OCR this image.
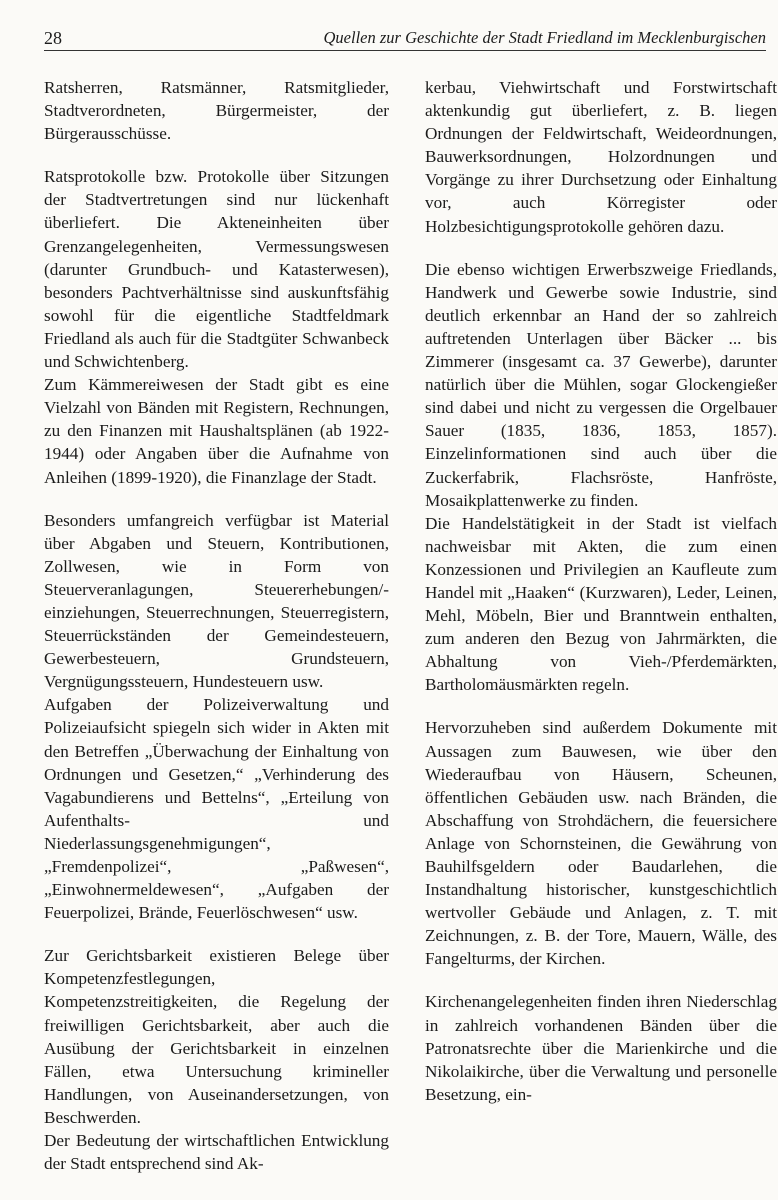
28	Quellen zur Geschichte der Stadt Friedland im Mecklenburgischen

Ratsherren, Ratsmänner, Ratsmitglieder, Stadtverordneten, Bürgermeister, der Bürgerausschüsse.

Ratsprotokolle bzw. Protokolle über Sitzungen der Stadtvertretungen sind nur lückenhaft überliefert. Die Akteneinheiten über Grenzangelegenheiten, Vermessungswesen (darunter Grundbuch- und Katasterwesen), besonders Pachtverhältnisse sind auskunftsfähig sowohl für die eigentliche Stadtfeldmark Friedland als auch für die Stadtgüter Schwanbeck und Schwichtenberg.

Zum Kämmereiwesen der Stadt gibt es eine Vielzahl von Bänden mit Registern, Rechnungen, zu den Finanzen mit Haushaltsplänen (ab 1922-1944) oder Angaben über die Aufnahme von Anleihen (1899-1920), die Finanzlage der Stadt.

Besonders umfangreich verfügbar ist Material über Abgaben und Steuern, Kontributionen, Zollwesen, wie in Form von Steuerveranlagungen, Steuererhebungen/-einziehungen, Steuerrechnungen, Steuerregistern, Steuerrückständen der Gemeindesteuern, Gewerbesteuern, Grundsteuern, Vergnügungssteuern, Hundesteuern usw.

Aufgaben der Polizeiverwaltung und Polizeiaufsicht spiegeln sich wider in Akten mit den Betreffen „Überwachung der Einhaltung von Ordnungen und Gesetzen,“ „Verhinderung des Vagabundierens und Bettelns“, „Erteilung von Aufenthalts- und Niederlassungsgenehmigungen“, „Fremdenpolizei“, „Paßwesen“, „Einwohnermeldewesen“, „Aufgaben der Feuerpolizei, Brände, Feuerlöschwesen“ usw.

Zur Gerichtsbarkeit existieren Belege über Kompetenzfestlegungen, Kompetenzstreitigkeiten, die Regelung der freiwilligen Gerichtsbarkeit, aber auch die Ausübung der Gerichtsbarkeit in einzelnen Fällen, etwa Untersuchung krimineller Handlungen, von Auseinandersetzungen, von Beschwerden.

Der Bedeutung der wirtschaftlichen Entwicklung der Stadt entsprechend sind Ak-

kerbau, Viehwirtschaft und Forstwirtschaft aktenkundig gut überliefert, z. B. liegen Ordnungen der Feldwirtschaft, Weideordnungen, Bauwerksordnungen, Holzordnungen und Vorgänge zu ihrer Durchsetzung oder Einhaltung vor, auch Körregister oder Holzbesichtigungsprotokolle gehören dazu.

Die ebenso wichtigen Erwerbszweige Friedlands, Handwerk und Gewerbe sowie Industrie, sind deutlich erkennbar an Hand der so zahlreich auftretenden Unterlagen über Bäcker ... bis Zimmerer (insgesamt ca. 37 Gewerbe), darunter natürlich über die Mühlen, sogar Glockengießer sind dabei und nicht zu vergessen die Orgelbauer Sauer (1835, 1836, 1853, 1857). Einzelinformationen sind auch über die Zuckerfabrik, Flachsröste, Hanfröste, Mosaikplattenwerke zu finden.

Die Handelstätigkeit in der Stadt ist vielfach nachweisbar mit Akten, die zum einen Konzessionen und Privilegien an Kaufleute zum Handel mit „Haaken“ (Kurzwaren), Leder, Leinen, Mehl, Möbeln, Bier und Branntwein enthalten, zum anderen den Bezug von Jahrmärkten, die Abhaltung von Vieh-/Pferdemärkten, Bartholomäusmärkten regeln.

Hervorzuheben sind außerdem Dokumente mit Aussagen zum Bauwesen, wie über den Wiederaufbau von Häusern, Scheunen, öffentlichen Gebäuden usw. nach Bränden, die Abschaffung von Strohdächern, die feuersichere Anlage von Schornsteinen, die Gewährung von Bauhilfsgeldern oder Baudarlehen, die Instandhaltung historischer, kunstgeschichtlich wertvoller Gebäude und Anlagen, z. T. mit Zeichnungen, z. B. der Tore, Mauern, Wälle, des Fangelturms, der Kirchen.

Kirchenangelegenheiten finden ihren Niederschlag in zahlreich vorhandenen Bänden über die Patronatsrechte über die Marienkirche und die Nikolaikirche, über die Verwaltung und personelle Besetzung, ein-
